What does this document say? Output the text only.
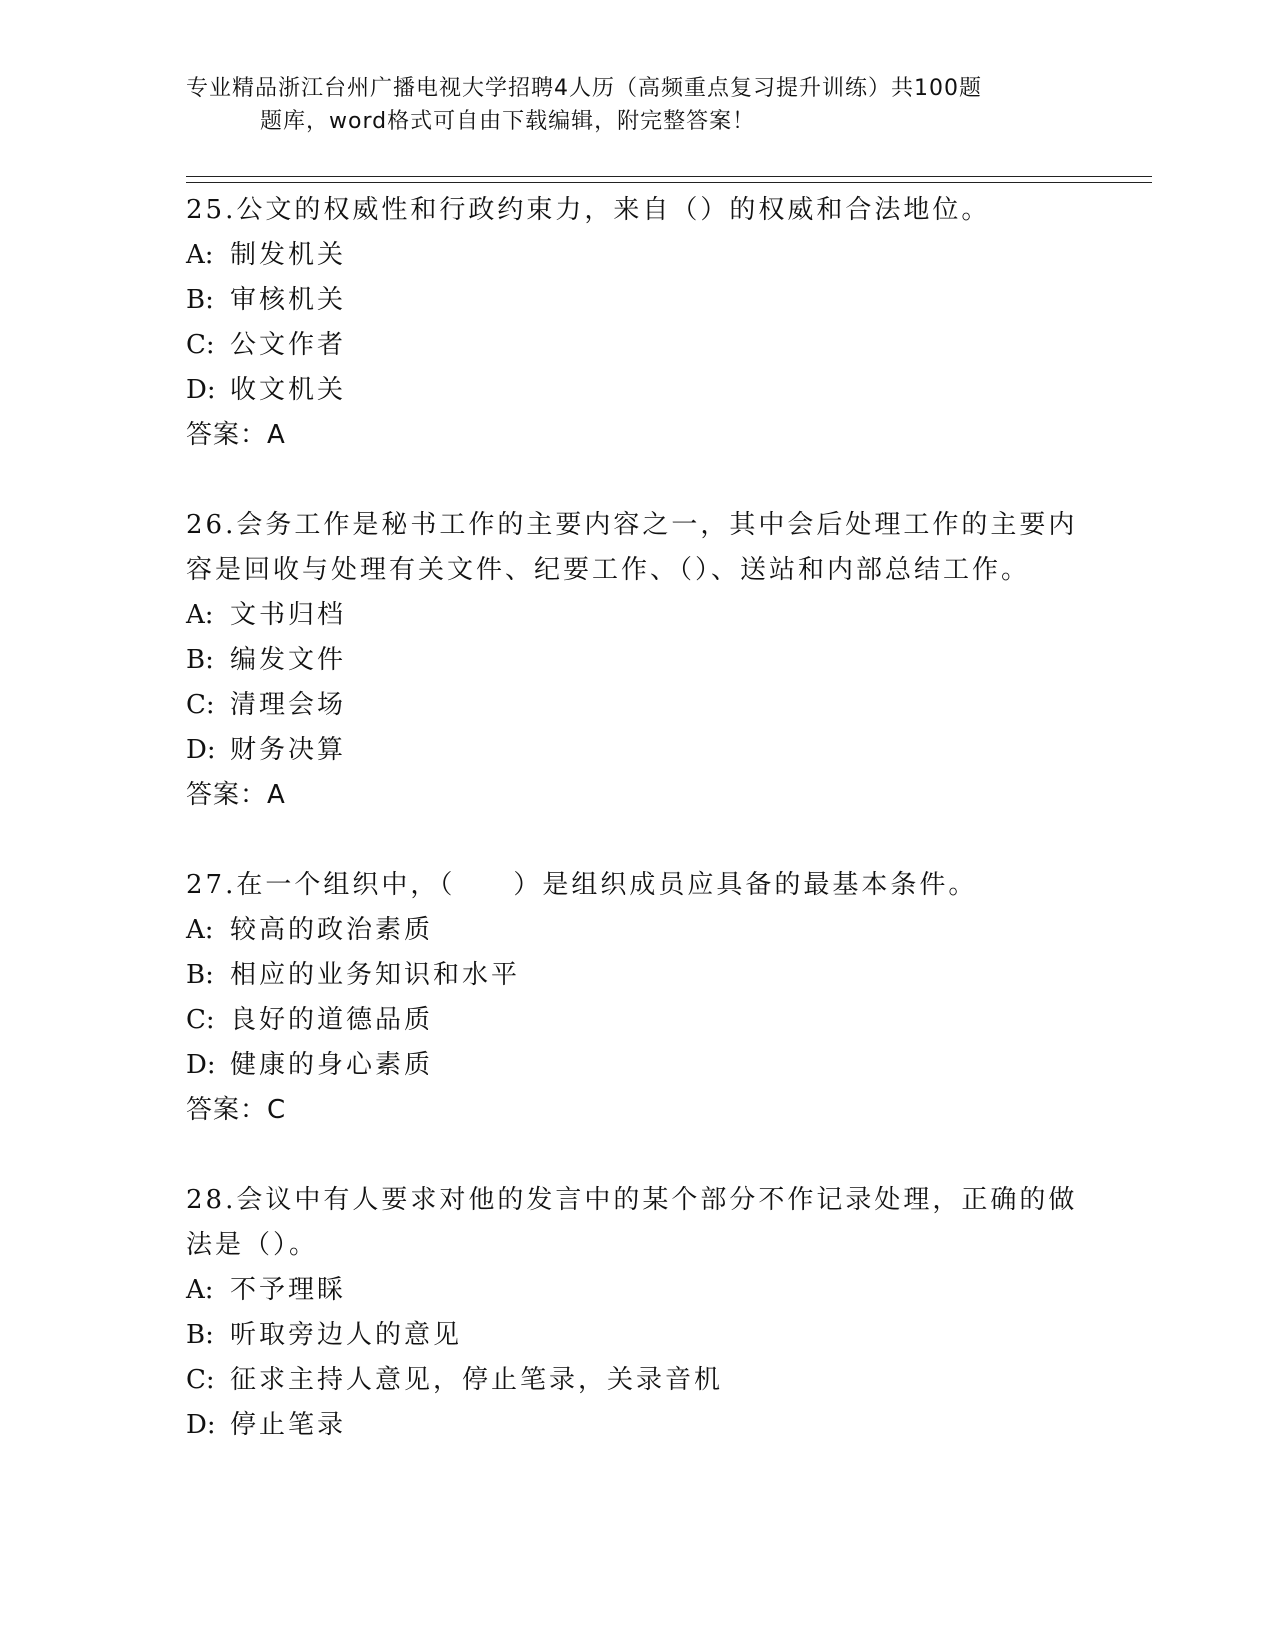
专业精品浙江台州广播电视大学招聘4人历（高频重点复习提升训练）共100题
题库，word格式可自由下载编辑，附完整答案！

25.公文的权威性和行政约束力，来自（）的权威和合法地位。

A: 制发机关
B: 审核机关
C: 公文作者
D: 收文机关

答案：A

26.会务工作是秘书工作的主要内容之一，其中会后处理工作的主要内容是回收与处理有关文件、纪要工作、（）、送站和内部总结工作。

A: 文书归档
B: 编发文件
C: 清理会场
D: 财务决算

答案：A

27.在一个组织中，（　　）是组织成员应具备的最基本条件。

A: 较高的政治素质
B: 相应的业务知识和水平
C: 良好的道德品质
D: 健康的身心素质

答案：C

28.会议中有人要求对他的发言中的某个部分不作记录处理，正确的做法是（）。

A: 不予理睬
B: 听取旁边人的意见
C: 征求主持人意见，停止笔录，关录音机
D: 停止笔录
